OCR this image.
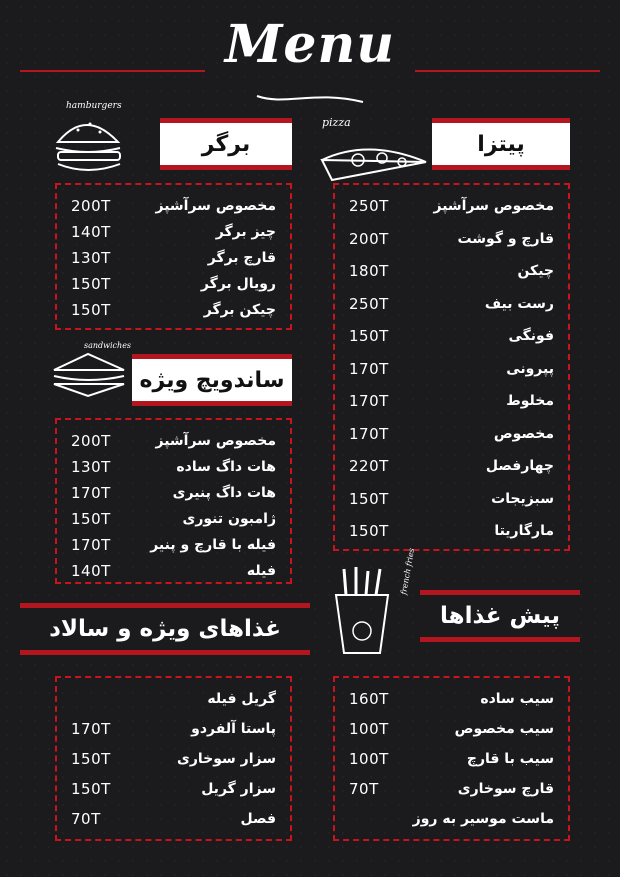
Menu
hamburgers
برگر
200T	مخصوص سرآشپز
140T	چیز برگر
130T	قارچ برگر
150T	رویال برگر
150T	چیکن برگر
pizza
پیتزا
250T	مخصوص سرآشپز
200T	قارچ و گوشت
180T	چیکن
250T	رست بیف
150T	فونگی
170T	پپرونی
170T	مخلوط
170T	مخصوص
220T	چهارفصل
150T	سبزیجات
150T	مارگاریتا
sandwiches
ساندویچ ویژه
200T	مخصوص سرآشپز
130T	هات داگ ساده
170T	هات داگ پنیری
150T	ژامبون تنوری
170T	فیله با قارچ و پنیر
140T	فیله
غذاهای ویژه و سالاد
گریل فیله
170T	پاستا آلفردو
150T	سزار سوخاری
150T	سزار گریل
70T	فصل
french fries
پیش غذاها
160T	سیب ساده
100T	سیب مخصوص
100T	سیب با قارچ
70T	قارچ سوخاری
ماست موسیر به روز
